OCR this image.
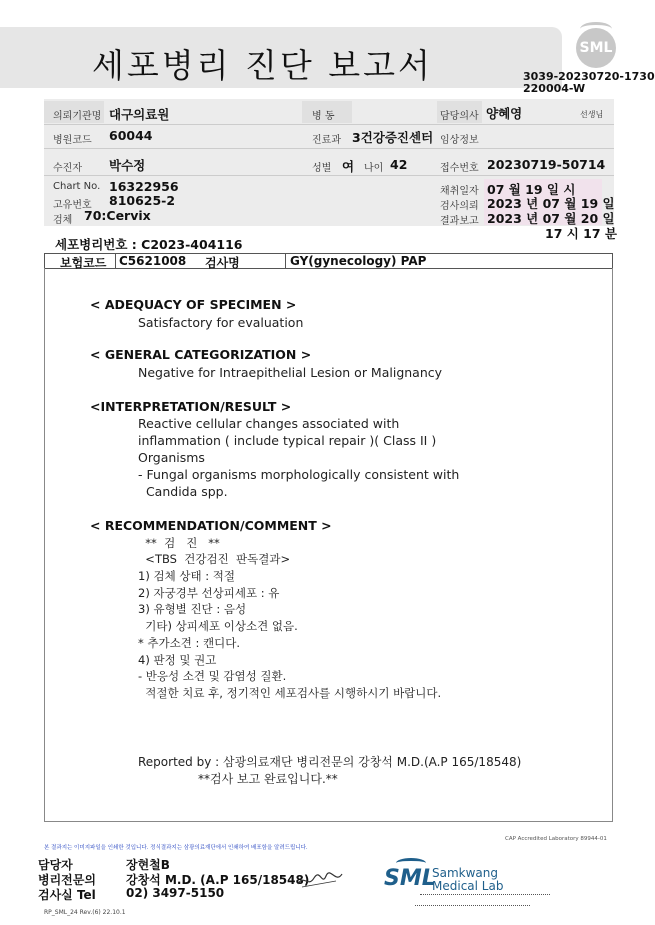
세포병리 진단 보고서	SML
3039-20230720-1730
220004-W
의뢰기관명 대구의료원	병 동	담당의사 양혜영	선생님
병원코드 60044	진료과 3건강증진센터 임상정보
수진자 박수정	성별 여 나이 42	접수번호 20230719-50714
Chart No. 16322956
고유번호 810625-2
검체 70:Cervix
채취일자 07 월 19 일 시
검사의뢰 2023 년 07 월 19 일
결과보고 2023 년 07 월 20 일
17 시 17 분
세포병리번호 : C2023-404116
보험코드 C5621008 검사명	GY(gynecology) PAP
< ADEQUACY OF SPECIMEN >
Satisfactory for evaluation
< GENERAL CATEGORIZATION >
Negative for Intraepithelial Lesion or Malignancy
<INTERPRETATION/RESULT >
Reactive cellular changes associated with
inflammation ( include typical repair )( Class II )
Organisms
- Fungal organisms morphologically consistent with
Candida spp.
< RECOMMENDATION/COMMENT >
**  검   진   **
<TBS  건강검진  판독결과>
1) 검체 상태 : 적절
2) 자궁경부 선상피세포 : 유
3) 유형별 진단 : 음성
기타) 상피세포 이상소견 없음.
* 추가소견 : 캔디다.
4) 판정 및 권고
- 반응성 소견 및 감염성 질환.
적절한 치료 후, 정기적인 세포검사를 시행하시기 바랍니다.
Reported by : 삼광의료재단 병리전문의 강창석 M.D.(A.P 165/18548)
**검사 보고 완료입니다.**
본 결과지는 이미지파일을 인쇄한 것입니다. 정식결과지는 삼광의료재단에서 인쇄하여 배포함을 알려드립니다.
CAP Accredited Laboratory 89944-01
담당자	장현철B
병리전문의	강창석 M.D. (A.P 165/18548)
검사실 Tel	02) 3497-5150
SML
Samkwang
Medical Lab
RP_SML_24 Rev.(6) 22.10.1
